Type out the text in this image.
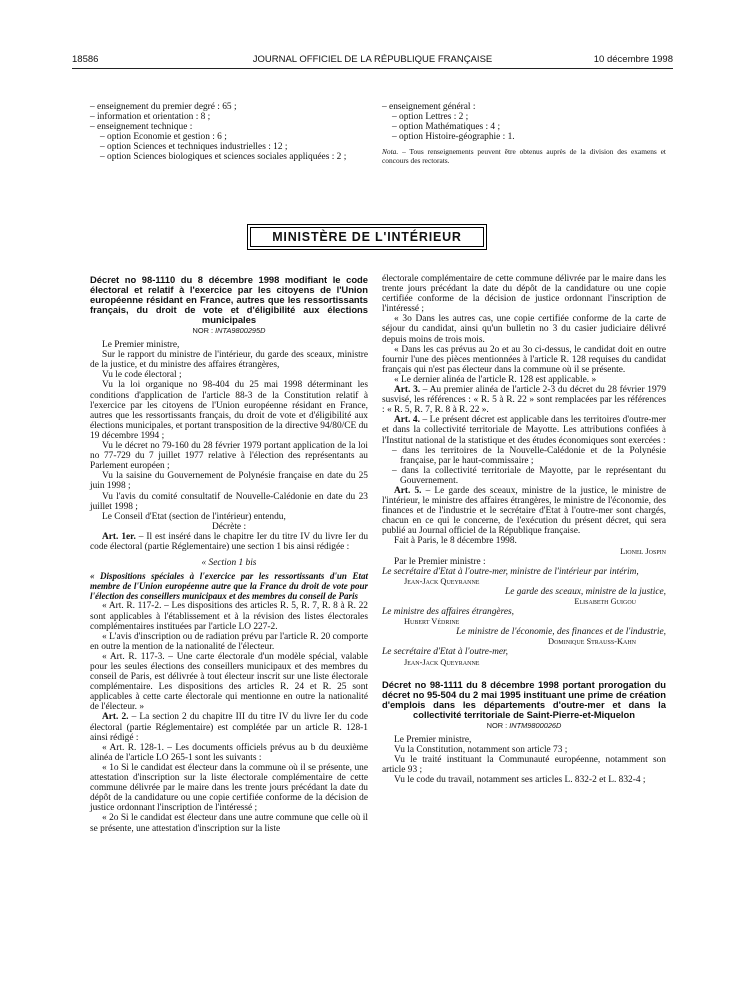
18586	JOURNAL OFFICIEL DE LA RÉPUBLIQUE FRANÇAISE	10 décembre 1998

– enseignement du premier degré : 65 ;

– information et orientation : 8 ;

– enseignement technique :

– option Economie et gestion : 6 ;

– option Sciences et techniques industrielles : 12 ;

– option Sciences biologiques et sciences sociales appliquées : 2 ;

– enseignement général :

– option Lettres : 2 ;

– option Mathématiques : 4 ;

– option Histoire-géographie : 1.

Nota. – Tous renseignements peuvent être obtenus auprès de la division des examens et concours des rectorats.

MINISTÈRE DE L'INTÉRIEUR

Décret no 98-1110 du 8 décembre 1998 modifiant le code électoral et relatif à l'exercice par les citoyens de l'Union européenne résidant en France, autres que les ressortissants français, du droit de vote et d'éligibilité aux élections municipales

NOR : INTA9800295D

Le Premier ministre,

Sur le rapport du ministre de l'intérieur, du garde des sceaux, ministre de la justice, et du ministre des affaires étrangères,

Vu le code électoral ;

Vu la loi organique no 98-404 du 25 mai 1998 déterminant les conditions d'application de l'article 88-3 de la Constitution relatif à l'exercice par les citoyens de l'Union européenne résidant en France, autres que les ressortissants français, du droit de vote et d'éligibilité aux élections municipales, et portant transposition de la directive 94/80/CE du 19 décembre 1994 ;

Vu le décret no 79-160 du 28 février 1979 portant application de la loi no 77-729 du 7 juillet 1977 relative à l'élection des représentants au Parlement européen ;

Vu la saisine du Gouvernement de Polynésie française en date du 25 juin 1998 ;

Vu l'avis du comité consultatif de Nouvelle-Calédonie en date du 23 juillet 1998 ;

Le Conseil d'Etat (section de l'intérieur) entendu,

Décrète :

Art. 1er. – Il est inséré dans le chapitre Ier du titre IV du livre Ier du code électoral (partie Réglementaire) une section 1 bis ainsi rédigée :

« Section 1 bis

« Dispositions spéciales à l'exercice par les ressortissants d'un Etat membre de l'Union européenne autre que la France du droit de vote pour l'élection des conseillers municipaux et des membres du conseil de Paris

« Art. R. 117-2. – Les dispositions des articles R. 5, R. 7, R. 8 à R. 22 sont applicables à l'établissement et à la révision des listes électorales complémentaires instituées par l'article LO 227-2.

« L'avis d'inscription ou de radiation prévu par l'article R. 20 comporte en outre la mention de la nationalité de l'électeur.

« Art. R. 117-3. – Une carte électorale d'un modèle spécial, valable pour les seules élections des conseillers municipaux et des membres du conseil de Paris, est délivrée à tout électeur inscrit sur une liste électorale complémentaire. Les dispositions des articles R. 24 et R. 25 sont applicables à cette carte électorale qui mentionne en outre la nationalité de l'électeur. »

Art. 2. – La section 2 du chapitre III du titre IV du livre Ier du code électoral (partie Réglementaire) est complétée par un article R. 128-1 ainsi rédigé :

« Art. R. 128-1. – Les documents officiels prévus au b du deuxième alinéa de l'article LO 265-1 sont les suivants :

« 1o Si le candidat est électeur dans la commune où il se présente, une attestation d'inscription sur la liste électorale complémentaire de cette commune délivrée par le maire dans les trente jours précédant la date du dépôt de la candidature ou une copie certifiée conforme de la décision de justice ordonnant l'inscription de l'intéressé ;

« 2o Si le candidat est électeur dans une autre commune que celle où il se présente, une attestation d'inscription sur la liste

électorale complémentaire de cette commune délivrée par le maire dans les trente jours précédant la date du dépôt de la candidature ou une copie certifiée conforme de la décision de justice ordonnant l'inscription de l'intéressé ;

« 3o Dans les autres cas, une copie certifiée conforme de la carte de séjour du candidat, ainsi qu'un bulletin no 3 du casier judiciaire délivré depuis moins de trois mois.

« Dans les cas prévus au 2o et au 3o ci-dessus, le candidat doit en outre fournir l'une des pièces mentionnées à l'article R. 128 requises du candidat français qui n'est pas électeur dans la commune où il se présente.

« Le dernier alinéa de l'article R. 128 est applicable. »

Art. 3. – Au premier alinéa de l'article 2-3 du décret du 28 février 1979 susvisé, les références : « R. 5 à R. 22 » sont remplacées par les références : « R. 5, R. 7, R. 8 à R. 22 ».

Art. 4. – Le présent décret est applicable dans les territoires d'outre-mer et dans la collectivité territoriale de Mayotte. Les attributions confiées à l'Institut national de la statistique et des études économiques sont exercées :

– dans les territoires de la Nouvelle-Calédonie et de la Polynésie française, par le haut-commissaire ;

– dans la collectivité territoriale de Mayotte, par le représentant du Gouvernement.

Art. 5. – Le garde des sceaux, ministre de la justice, le ministre de l'intérieur, le ministre des affaires étrangères, le ministre de l'économie, des finances et de l'industrie et le secrétaire d'Etat à l'outre-mer sont chargés, chacun en ce qui le concerne, de l'exécution du présent décret, qui sera publié au Journal officiel de la République française.

Fait à Paris, le 8 décembre 1998.

Lionel Jospin

Par le Premier ministre :

Le secrétaire d'Etat à l'outre-mer, ministre de l'intérieur par intérim,

Jean-Jack Queyranne

Le garde des sceaux, ministre de la justice,

Elisabeth Guigou

Le ministre des affaires étrangères,

Hubert Védrine

Le ministre de l'économie, des finances et de l'industrie,

Dominique Strauss-Kahn

Le secrétaire d'Etat à l'outre-mer,

Jean-Jack Queyranne

Décret no 98-1111 du 8 décembre 1998 portant prorogation du décret no 95-504 du 2 mai 1995 instituant une prime de création d'emplois dans les départements d'outre-mer et dans la collectivité territoriale de Saint-Pierre-et-Miquelon

NOR : INTM9800026D

Le Premier ministre,

Vu la Constitution, notamment son article 73 ;

Vu le traité instituant la Communauté européenne, notamment son article 93 ;

Vu le code du travail, notamment ses articles L. 832-2 et L. 832-4 ;
